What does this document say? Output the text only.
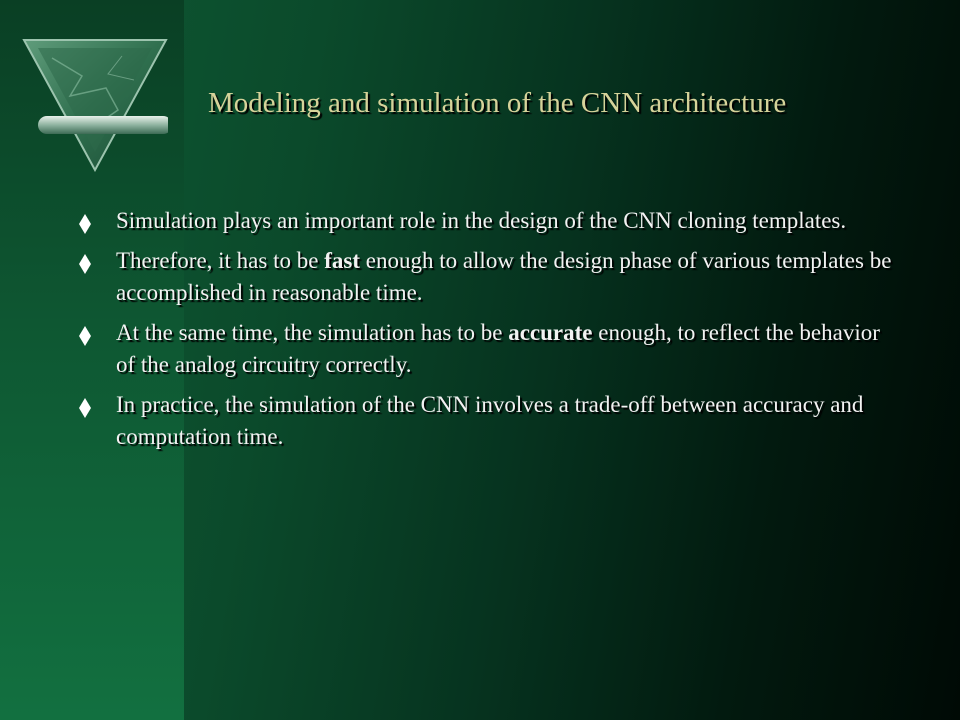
Modeling and simulation of the CNN architecture
Simulation plays an important role in the design of the CNN cloning templates.
Therefore, it has to be fast enough to allow the design phase of various templates be accomplished in reasonable time.
At the same time, the simulation has to be accurate enough, to reflect the behavior of the analog circuitry correctly.
In practice, the simulation of the CNN involves a trade-off between accuracy and computation time.
